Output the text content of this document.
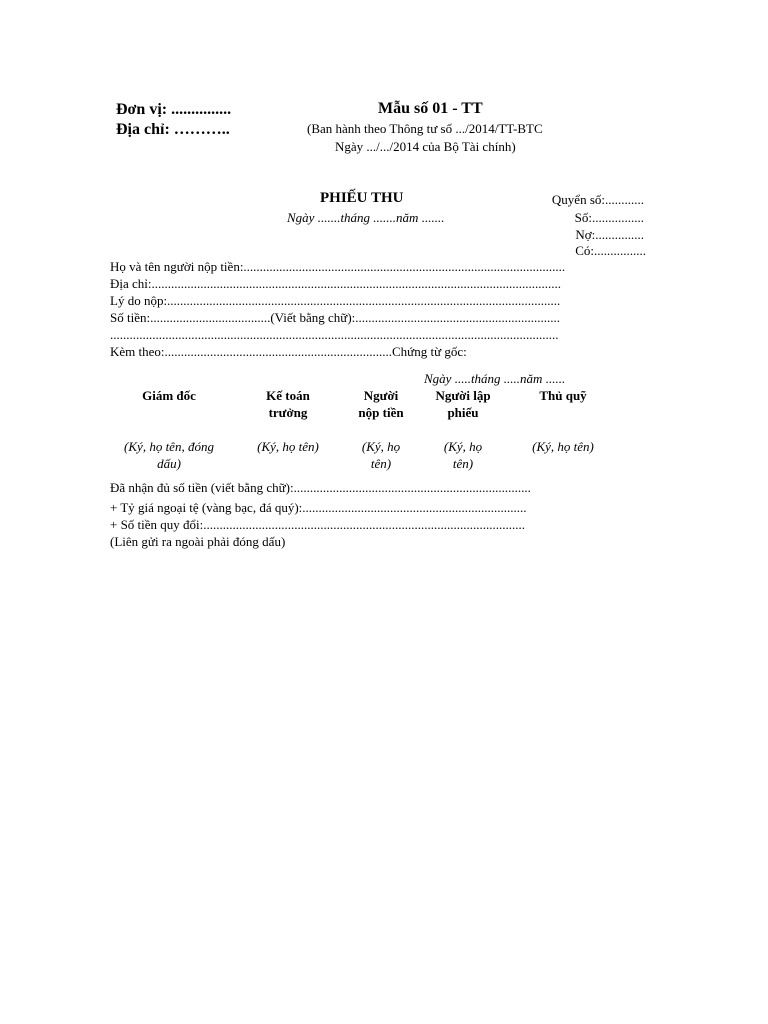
Đơn vị: ...............
Địa chỉ: ………..
Mẫu số 01 - TT
(Ban hành theo Thông tư số .../2014/TT-BTC
Ngày .../.../2014 của Bộ Tài chính)
PHIẾU THU
Ngày .......tháng .......năm .......
Quyển số:............
Số:................
Nợ:...............
Có:................
Họ và tên người nộp tiền:...................................................................................................
Địa chỉ:..............................................................................................................................
Lý do nộp:.........................................................................................................................
Số tiền:.....................................(Viết bằng chữ):...............................................................
..........................................................................................................................................
Kèm theo:......................................................................Chứng từ gốc:
Ngày .....tháng .....năm ......
Giám đốc
(Ký, họ tên, đóng dấu)
Kế toán trưởng
(Ký, họ tên)
Người nộp tiền
(Ký, họ tên)
Người lập phiếu
(Ký, họ tên)
Thủ quỹ
(Ký, họ tên)
Đã nhận đủ số tiền (viết bằng chữ):.........................................................................
+ Tỷ giá ngoại tệ (vàng bạc, đá quý):.....................................................................
+ Số tiền quy đổi:...................................................................................................
(Liên gửi ra ngoài phải đóng dấu)
